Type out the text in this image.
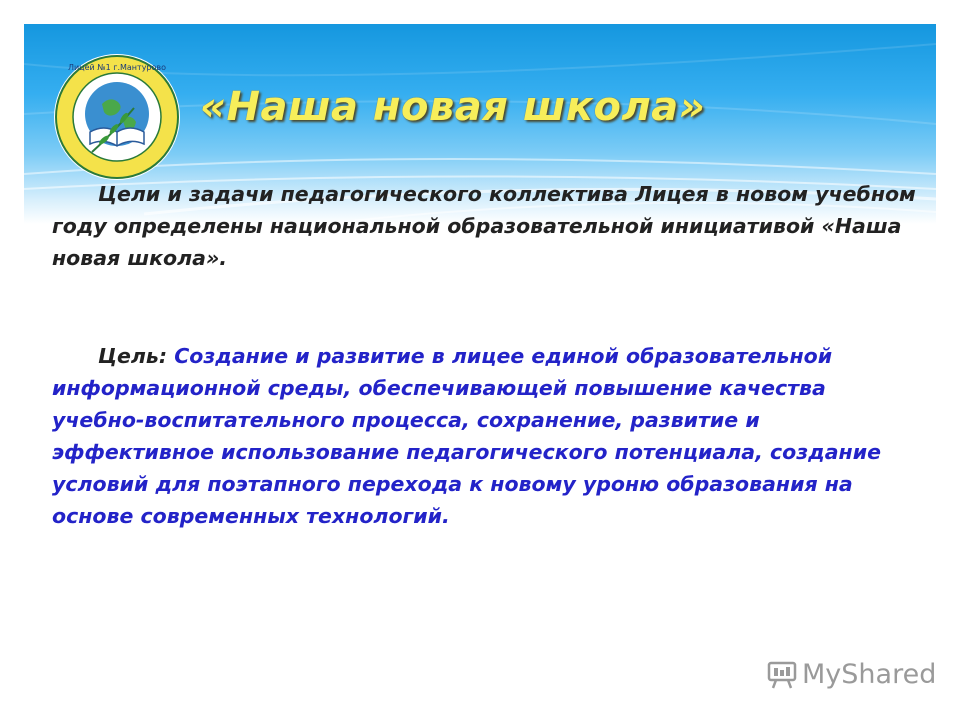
Лицей №1 г.Мантурово
«Наша новая школа»
Цели и задачи педагогического коллектива Лицея в новом учебном году определены национальной образовательной инициативой «Наша новая школа».
Цель: Создание и развитие в лицее единой образовательной информационной среды, обеспечивающей повышение качества учебно-воспитательного процесса, сохранение, развитие и эффективное использование педагогического потенциала, создание условий для поэтапного перехода к новому уроню образования на основе современных технологий.
MyShared
